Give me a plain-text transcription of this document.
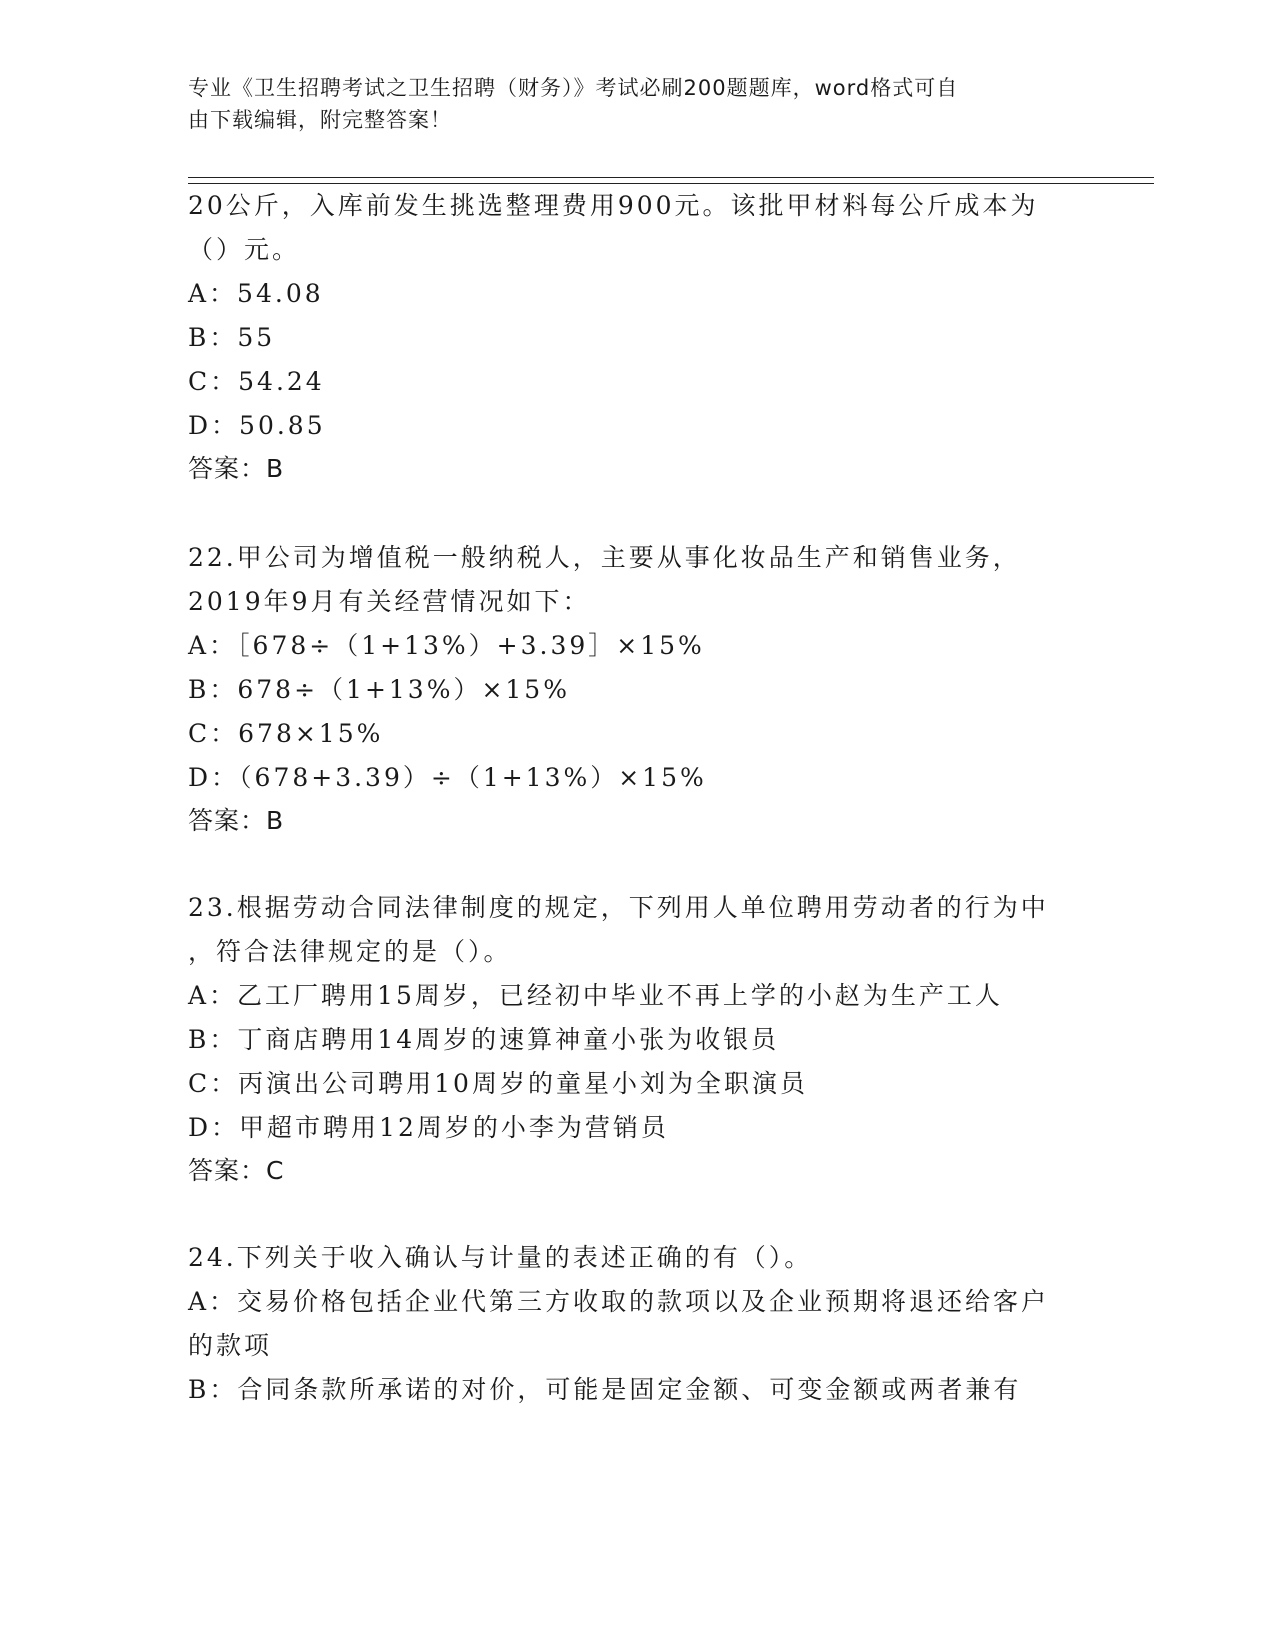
专业《卫生招聘考试之卫生招聘（财务）》考试必刷200题题库，word格式可自
由下载编辑，附完整答案！
20公斤，入库前发生挑选整理费用900元。该批甲材料每公斤成本为
（）元。
A：54.08
B：55
C：54.24
D：50.85
答案：B
22.甲公司为增值税一般纳税人，主要从事化妆品生产和销售业务，
2019年9月有关经营情况如下：
A：［678÷（1+13%）+3.39］×15%
B：678÷（1+13%）×15%
C：678×15%
D：（678+3.39）÷（1+13%）×15%
答案：B
23.根据劳动合同法律制度的规定，下列用人单位聘用劳动者的行为中
，符合法律规定的是（）。
A：乙工厂聘用15周岁，已经初中毕业不再上学的小赵为生产工人
B：丁商店聘用14周岁的速算神童小张为收银员
C：丙演出公司聘用10周岁的童星小刘为全职演员
D：甲超市聘用12周岁的小李为营销员
答案：C
24.下列关于收入确认与计量的表述正确的有（）。
A：交易价格包括企业代第三方收取的款项以及企业预期将退还给客户
的款项
B：合同条款所承诺的对价，可能是固定金额、可变金额或两者兼有
